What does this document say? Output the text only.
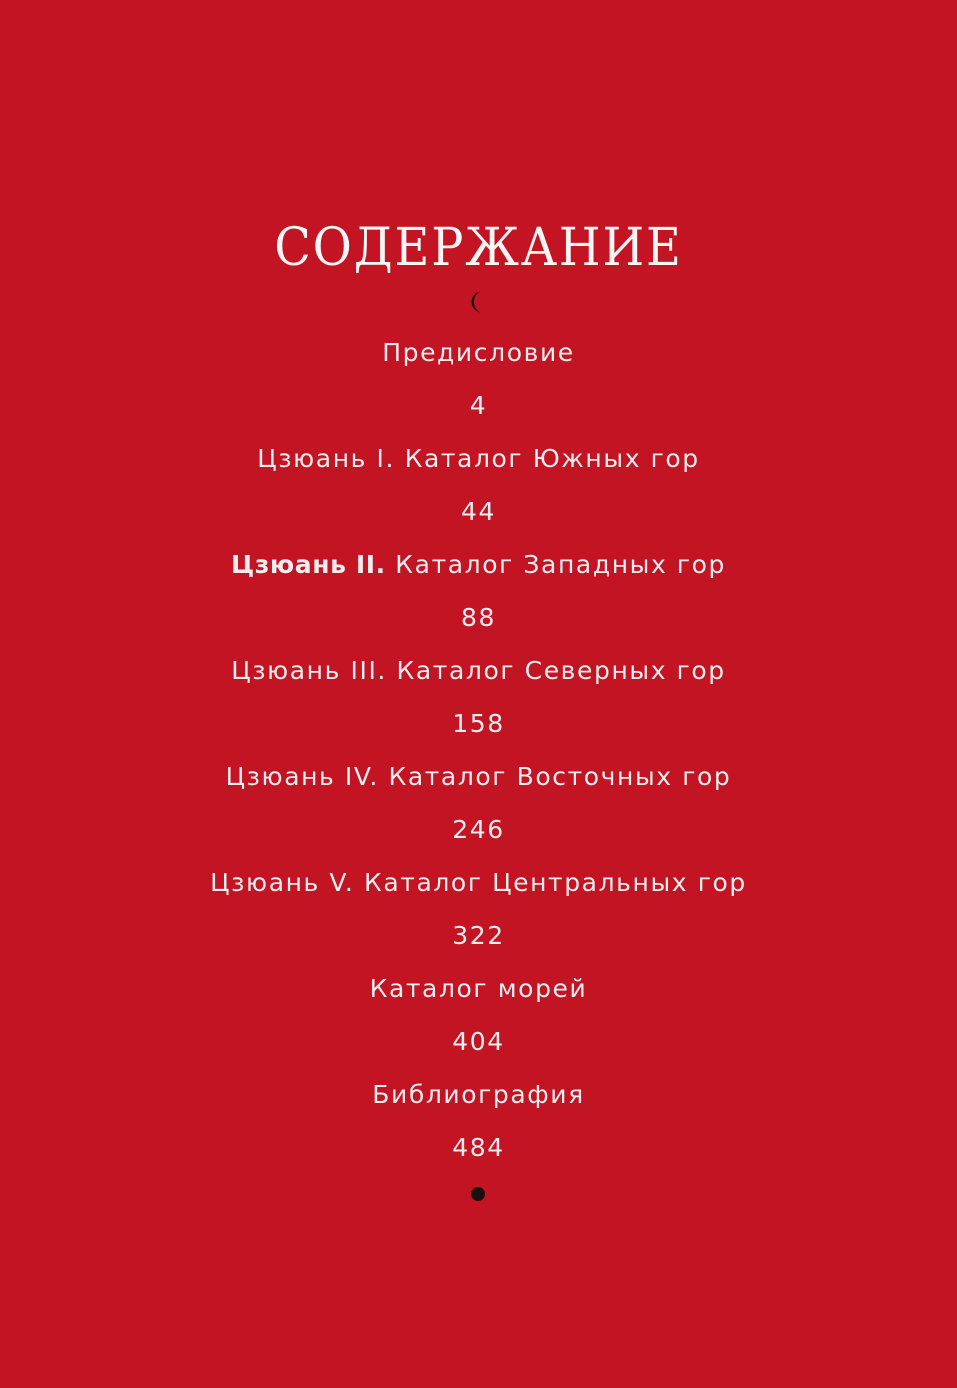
СОДЕРЖАНИЕ
Предисловие
4
Цзюань I. Каталог Южных гор
44
Цзюань II. Каталог Западных гор
88
Цзюань III. Каталог Северных гор
158
Цзюань IV. Каталог Восточных гор
246
Цзюань V. Каталог Центральных гор
322
Каталог морей
404
Библиография
484
